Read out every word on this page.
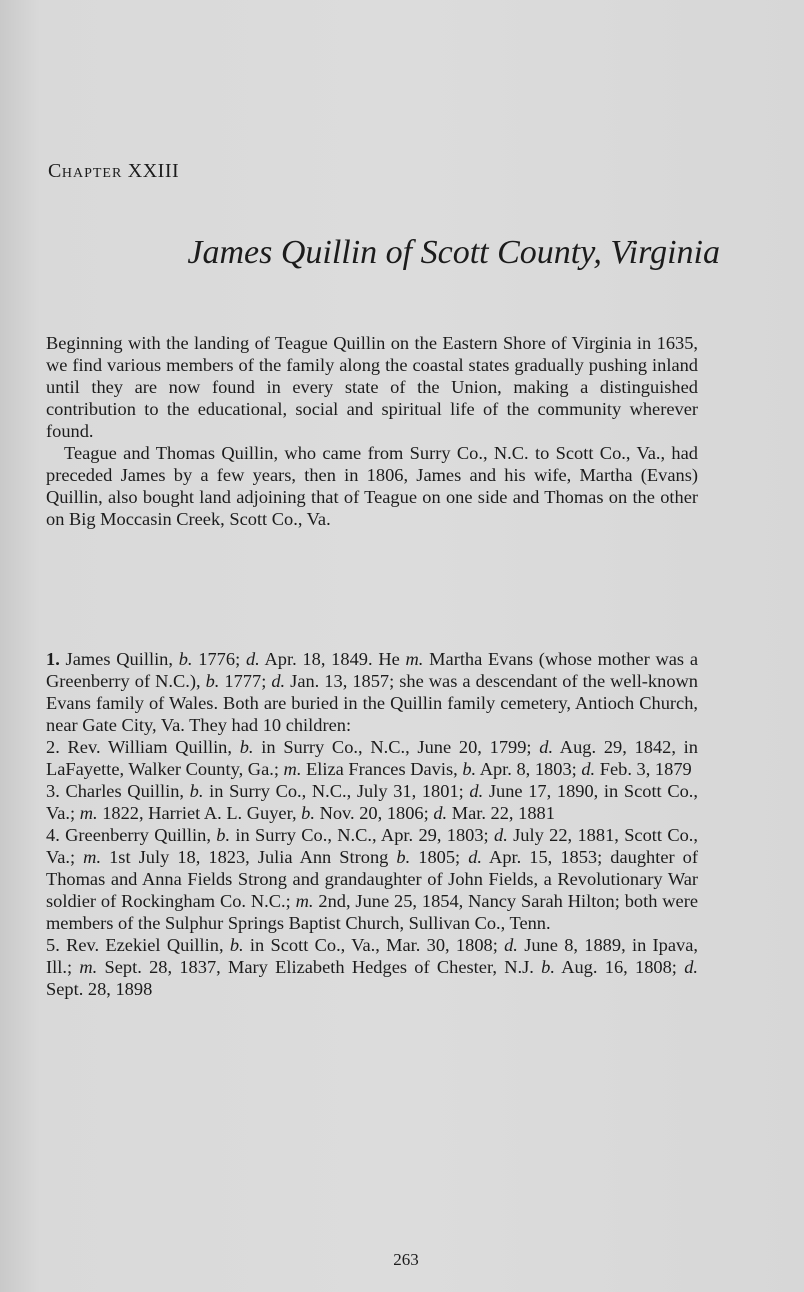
CHAPTER XXIII
James Quillin of Scott County, Virginia

Beginning with the landing of Teague Quillin on the Eastern Shore of Virginia in 1635, we find various members of the family along the coastal states gradually pushing inland until they are now found in every state of the Union, making a distinguished contribution to the educational, social and spiritual life of the community wherever found.

Teague and Thomas Quillin, who came from Surry Co., N.C. to Scott Co., Va., had preceded James by a few years, then in 1806, James and his wife, Martha (Evans) Quillin, also bought land adjoining that of Teague on one side and Thomas on the other on Big Moccasin Creek, Scott Co., Va.

1. James Quillin, b. 1776; d. Apr. 18, 1849. He m. Martha Evans (whose mother was a Greenberry of N.C.), b. 1777; d. Jan. 13, 1857; she was a descendant of the well-known Evans family of Wales. Both are buried in the Quillin family cemetery, Antioch Church, near Gate City, Va. They had 10 children:

2. Rev. William Quillin, b. in Surry Co., N.C., June 20, 1799; d. Aug. 29, 1842, in LaFayette, Walker County, Ga.; m. Eliza Frances Davis, b. Apr. 8, 1803; d. Feb. 3, 1879

3. Charles Quillin, b. in Surry Co., N.C., July 31, 1801; d. June 17, 1890, in Scott Co., Va.; m. 1822, Harriet A. L. Guyer, b. Nov. 20, 1806; d. Mar. 22, 1881

4. Greenberry Quillin, b. in Surry Co., N.C., Apr. 29, 1803; d. July 22, 1881, Scott Co., Va.; m. 1st July 18, 1823, Julia Ann Strong b. 1805; d. Apr. 15, 1853; daughter of Thomas and Anna Fields Strong and grandaughter of John Fields, a Revolutionary War soldier of Rockingham Co. N.C.; m. 2nd, June 25, 1854, Nancy Sarah Hilton; both were members of the Sulphur Springs Baptist Church, Sullivan Co., Tenn.

5. Rev. Ezekiel Quillin, b. in Scott Co., Va., Mar. 30, 1808; d. June 8, 1889, in Ipava, Ill.; m. Sept. 28, 1837, Mary Elizabeth Hedges of Chester, N.J. b. Aug. 16, 1808; d. Sept. 28, 1898

263
